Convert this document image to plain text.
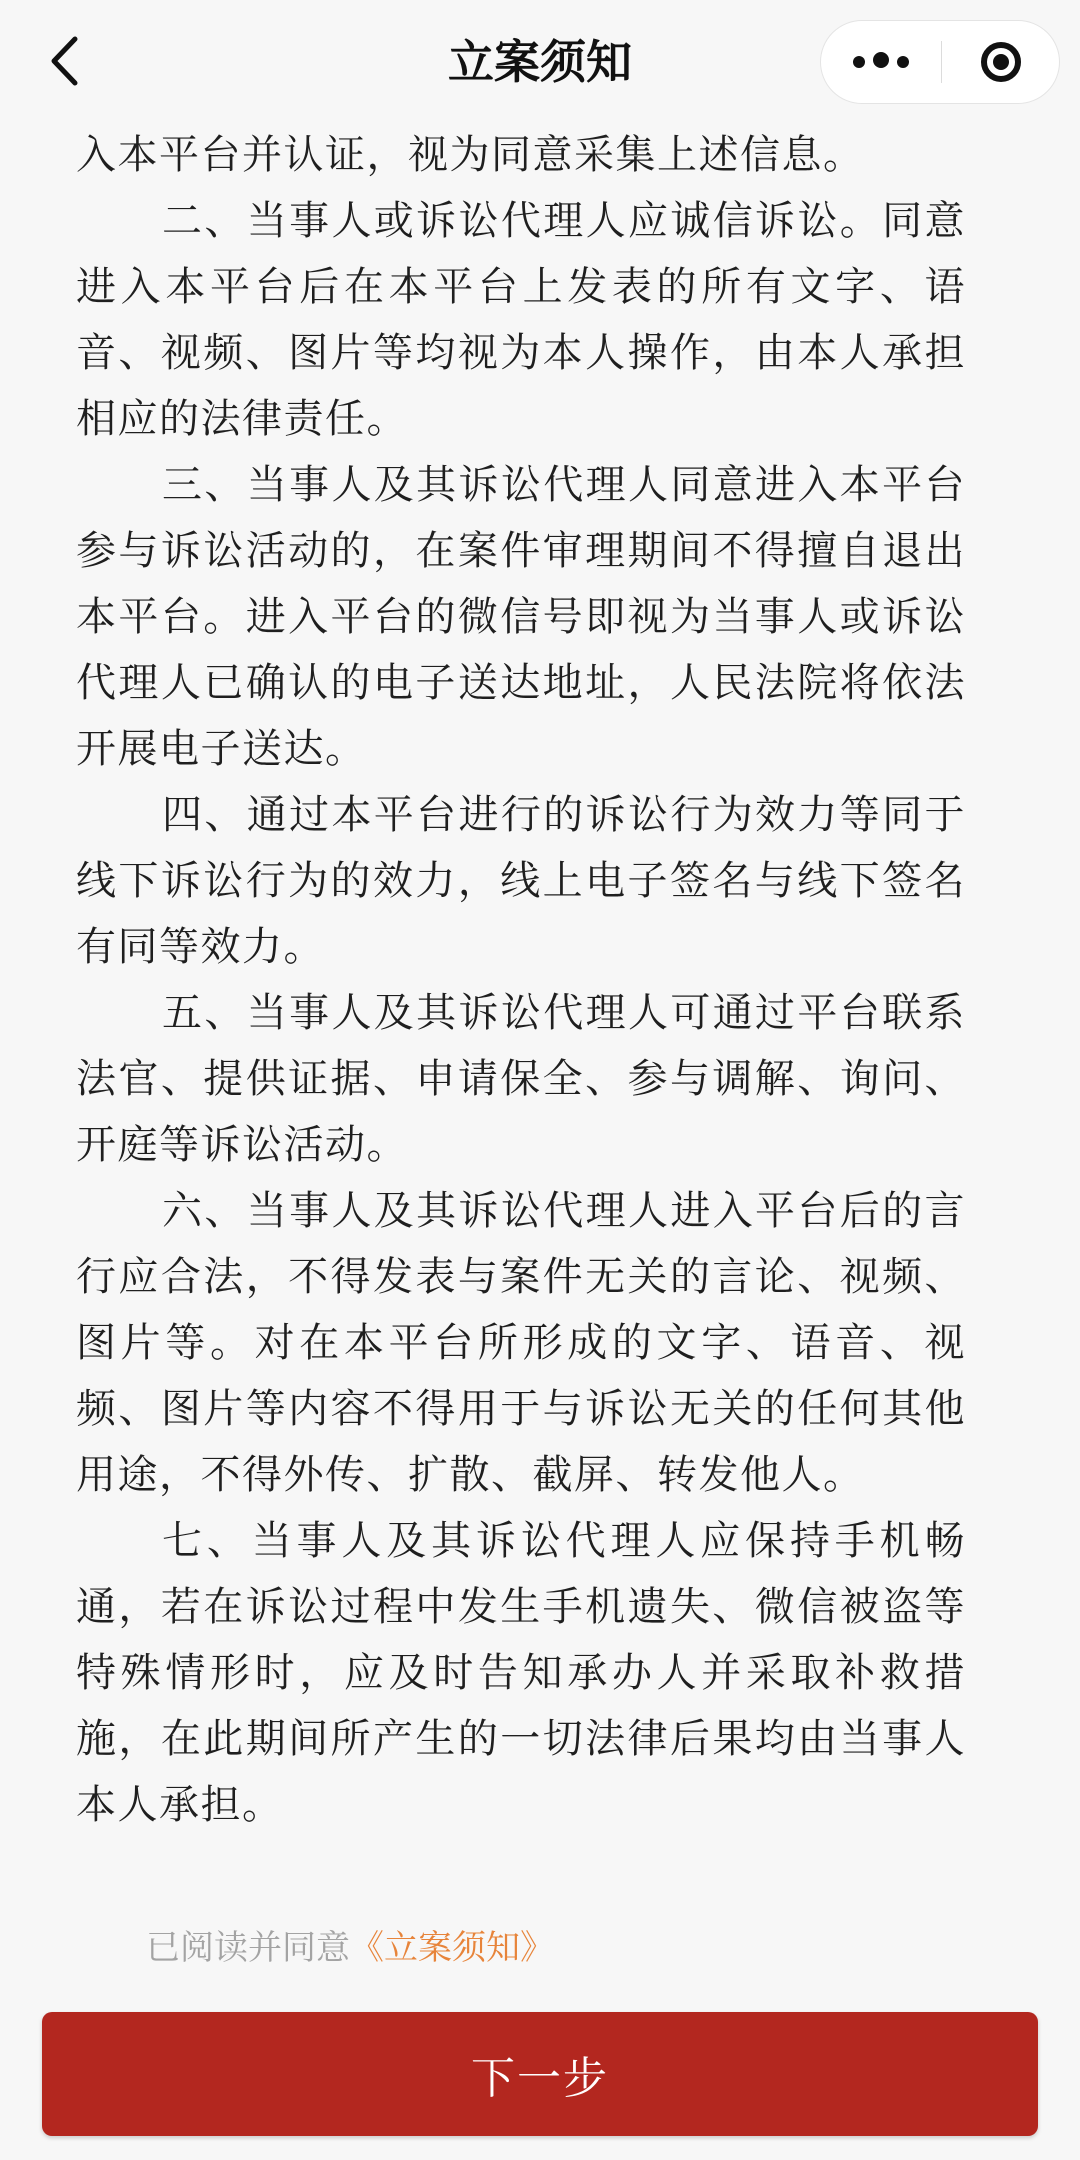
立案须知

入本平台并认证，视为同意采集上述信息。

二、当事人或诉讼代理人应诚信诉讼。同意进入本平台后在本平台上发表的所有文字、语音、视频、图片等均视为本人操作，由本人承担相应的法律责任。

三、当事人及其诉讼代理人同意进入本平台参与诉讼活动的，在案件审理期间不得擅自退出本平台。进入平台的微信号即视为当事人或诉讼代理人已确认的电子送达地址，人民法院将依法开展电子送达。

四、通过本平台进行的诉讼行为效力等同于线下诉讼行为的效力，线上电子签名与线下签名有同等效力。

五、当事人及其诉讼代理人可通过平台联系法官、提供证据、申请保全、参与调解、询问、开庭等诉讼活动。

六、当事人及其诉讼代理人进入平台后的言行应合法，不得发表与案件无关的言论、视频、图片等。对在本平台所形成的文字、语音、视频、图片等内容不得用于与诉讼无关的任何其他用途，不得外传、扩散、截屏、转发他人。

七、当事人及其诉讼代理人应保持手机畅通，若在诉讼过程中发生手机遗失、微信被盗等特殊情形时，应及时告知承办人并采取补救措施，在此期间所产生的一切法律后果均由当事人本人承担。

已阅读并同意《立案须知》
下一步
